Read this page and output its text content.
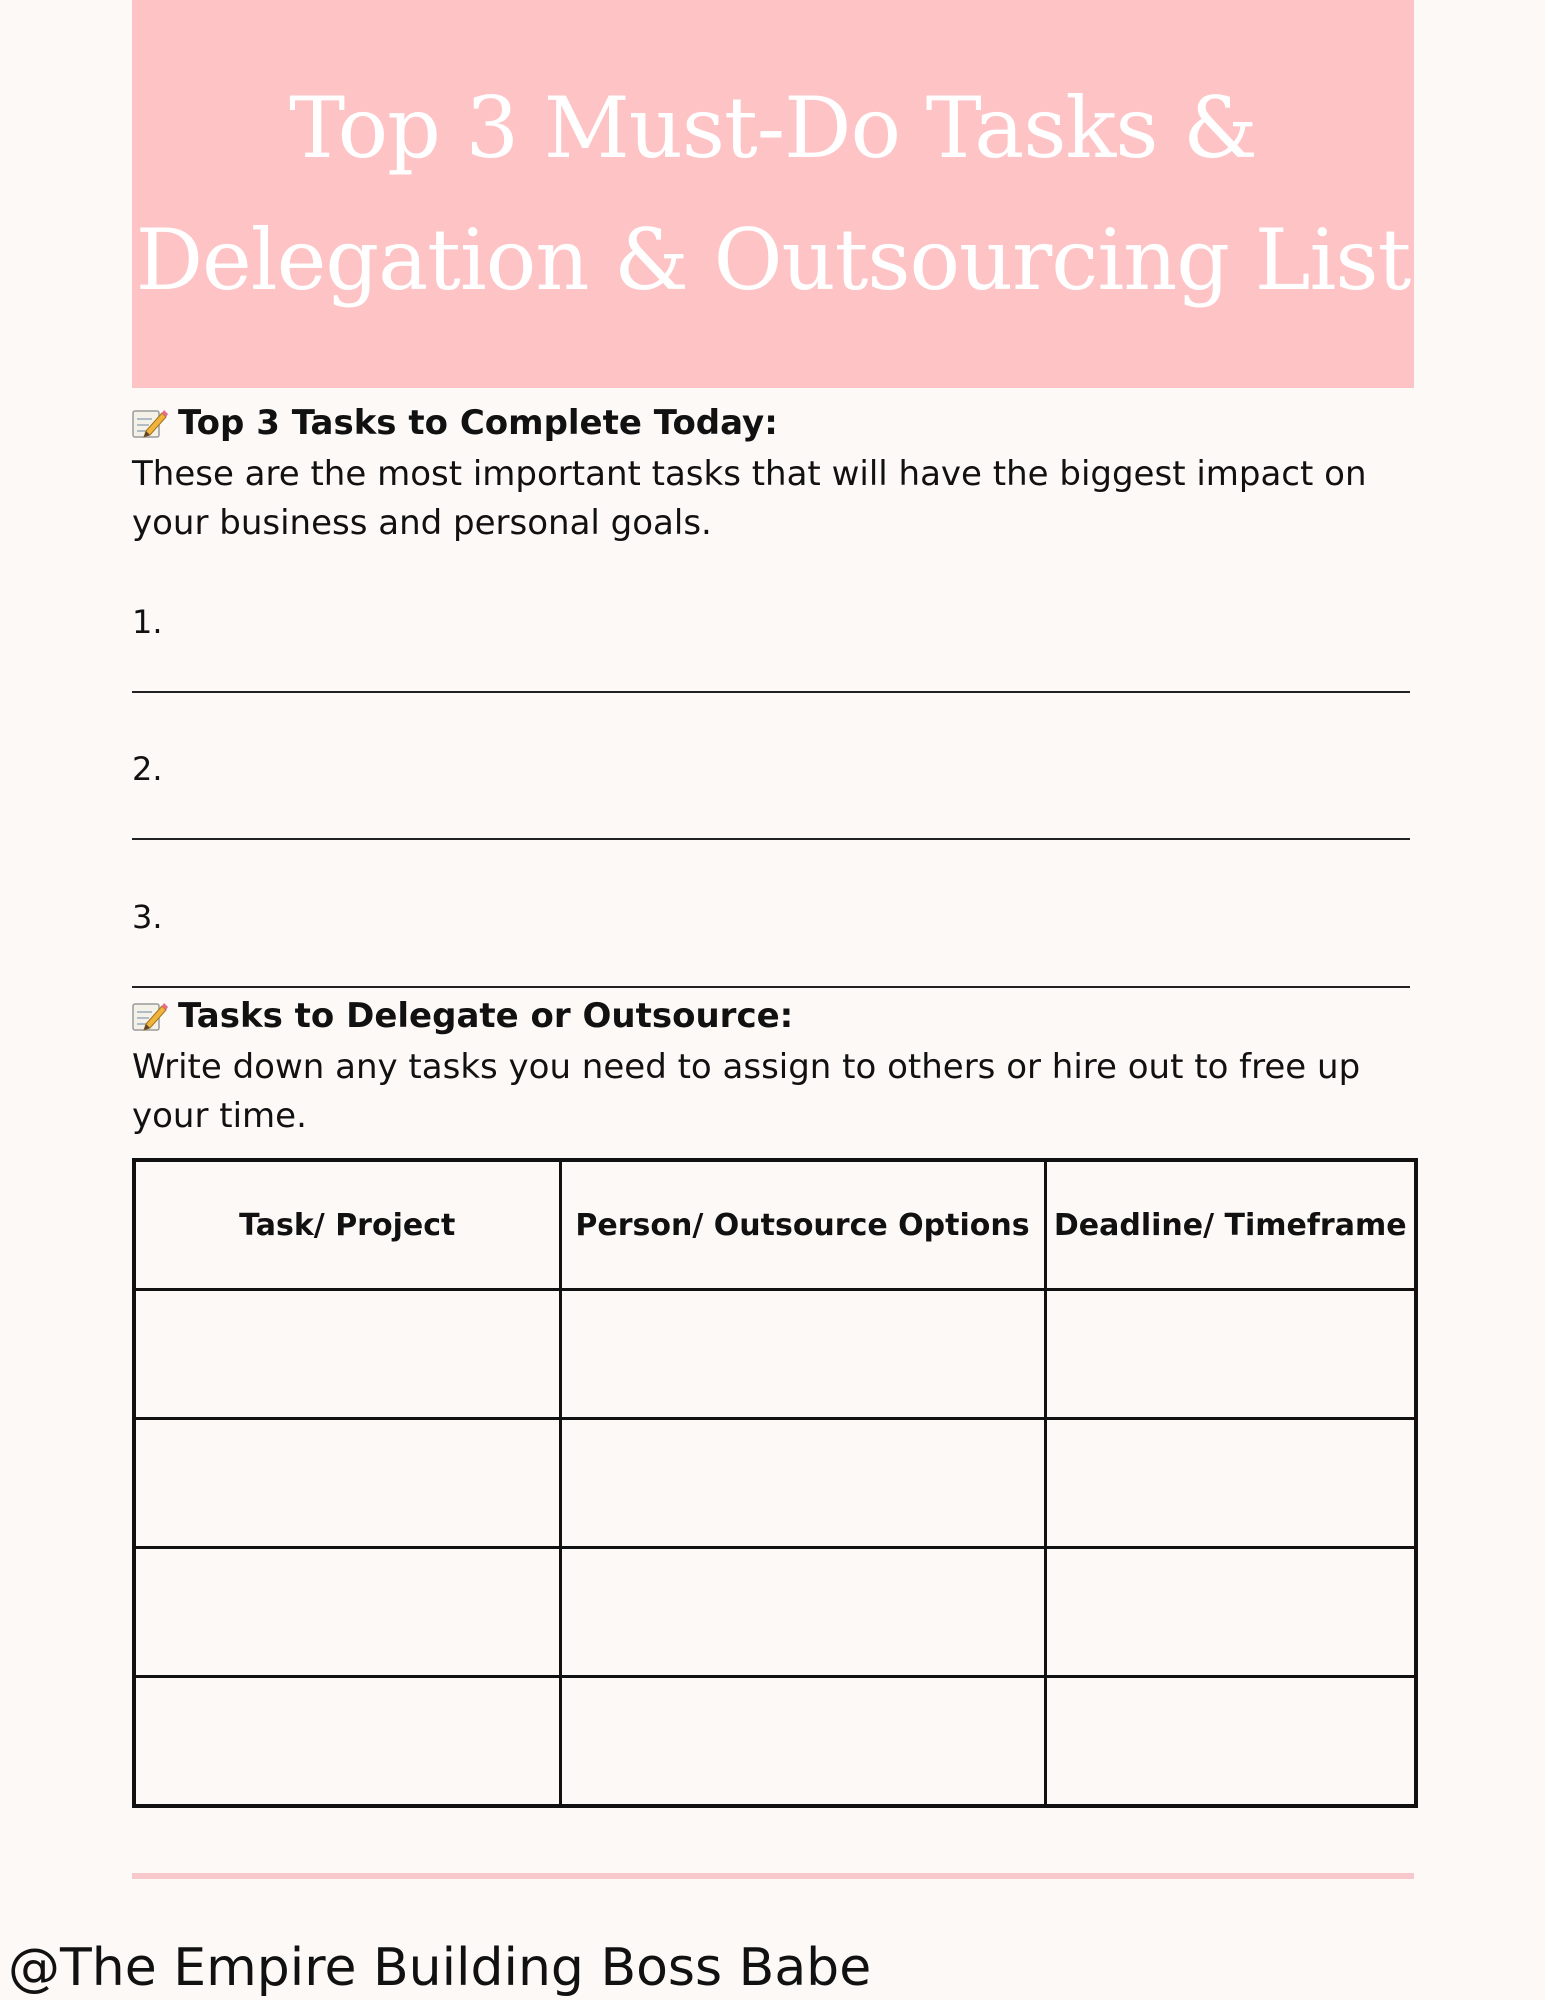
Top 3 Must-Do Tasks &
Delegation & Outsourcing List
Top 3 Tasks to Complete Today:

These are the most important tasks that will have the biggest impact on your business and personal goals.

1.
2.
3.
Tasks to Delegate or Outsource:

Write down any tasks you need to assign to others or hire out to free up your time.

Task/ Project	Person/ Outsource Options	Deadline/ Timeframe

@The Empire Building Boss Babe
